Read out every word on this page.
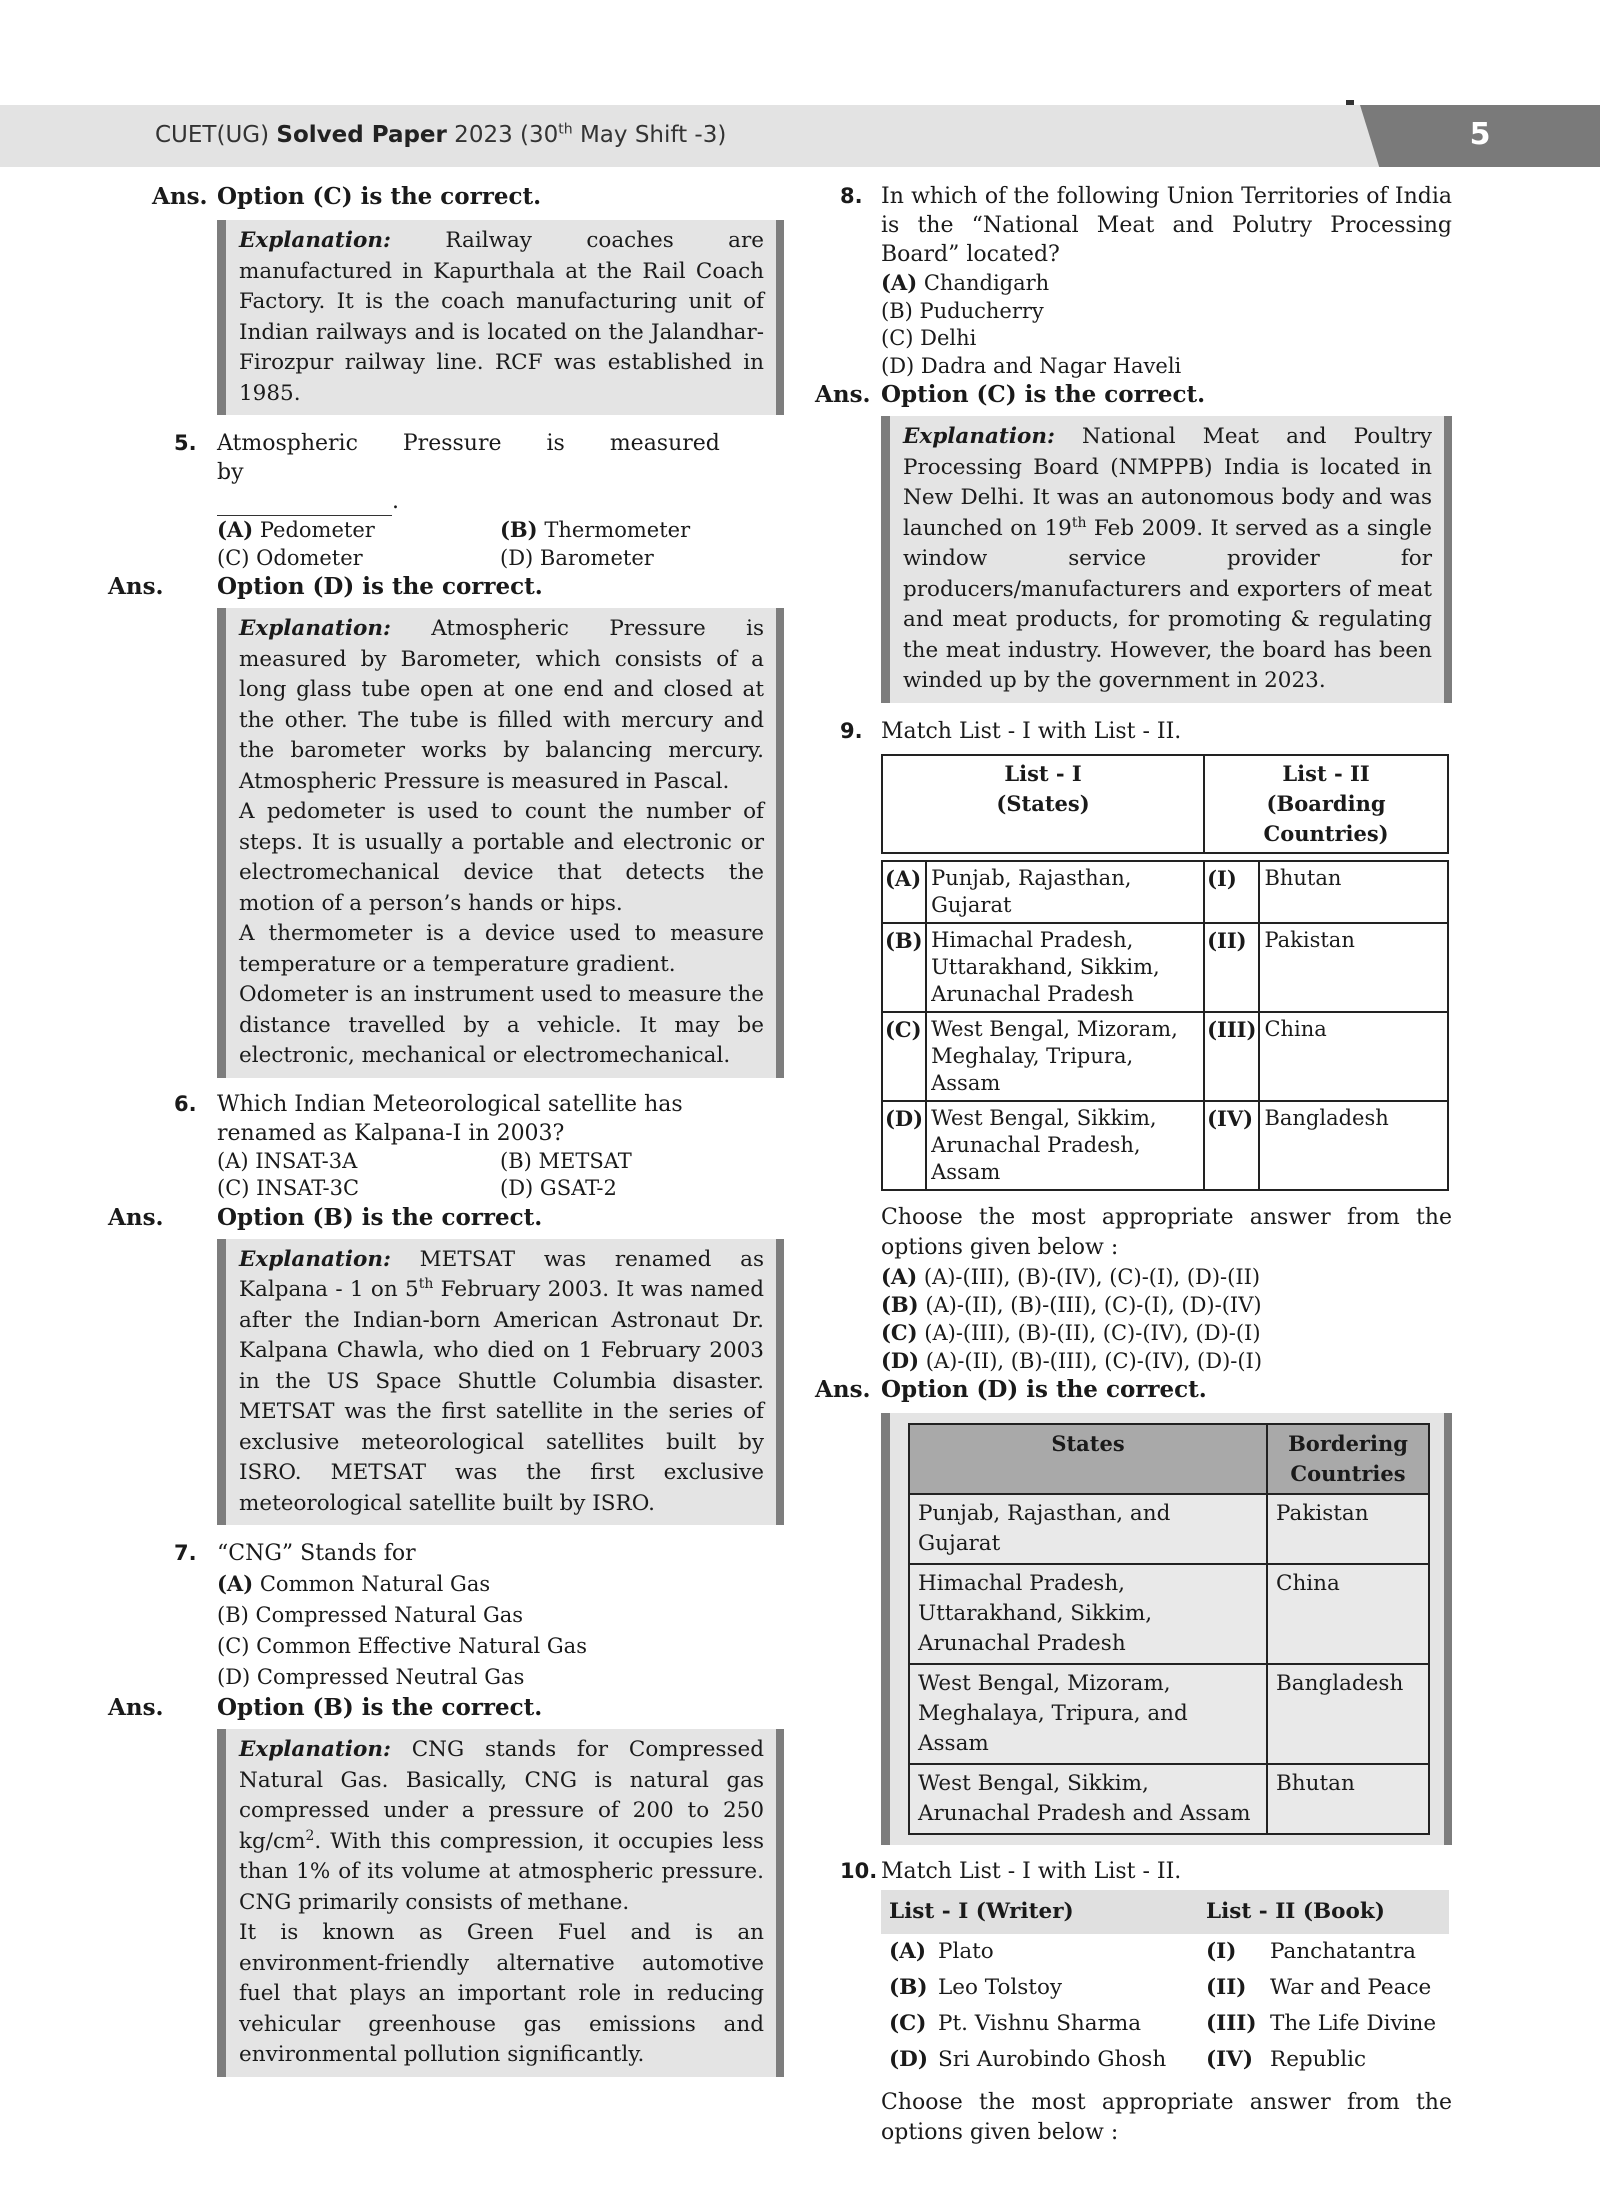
CUET(UG) Solved Paper 2023 (30th May Shift -3)	5

Ans. Option (C) is the correct.

Explanation: Railway coaches are manufactured in Kapurthala at the Rail Coach Factory. It is the coach manufacturing unit of Indian railways and is located on the Jalandhar-Firozpur railway line. RCF was established in 1985.
5. Atmospheric Pressure is measured by
.
(A) Pedometer	(B) Thermometer
(C) Odometer	(D) Barometer

Ans. Option (D) is the correct.

Explanation: Atmospheric Pressure is measured by Barometer, which consists of a long glass tube open at one end and closed at the other. The tube is filled with mercury and the barometer works by balancing mercury. Atmospheric Pressure is measured in Pascal.
A pedometer is used to count the number of steps. It is usually a portable and electronic or electromechanical device that detects the motion of a person’s hands or hips.
A thermometer is a device used to measure temperature or a temperature gradient.
Odometer is an instrument used to measure the distance travelled by a vehicle. It may be electronic, mechanical or electromechanical.
6. Which Indian Meteorological satellite has renamed as Kalpana-I in 2003?
(A) INSAT-3A	(B) METSAT
(C) INSAT-3C	(D) GSAT-2

Ans. Option (B) is the correct.

Explanation: METSAT was renamed as Kalpana - 1 on 5th February 2003. It was named after the Indian-born American Astronaut Dr. Kalpana Chawla, who died on 1 February 2003 in the US Space Shuttle Columbia disaster. METSAT was the first satellite in the series of exclusive meteorological satellites built by ISRO. METSAT was the first exclusive meteorological satellite built by ISRO.
7. “CNG” Stands for
(A) Common Natural Gas
(B) Compressed Natural Gas
(C) Common Effective Natural Gas
(D) Compressed Neutral Gas

Ans. Option (B) is the correct.

Explanation: CNG stands for Compressed Natural Gas. Basically, CNG is natural gas compressed under a pressure of 200 to 250 $kg/cm^2$. With this compression, it occupies less than 1% of its volume at atmospheric pressure. CNG primarily consists of methane.
It is known as Green Fuel and is an environment-friendly alternative automotive fuel that plays an important role in reducing vehicular greenhouse gas emissions and environmental pollution significantly.
8. In which of the following Union Territories of India is the “National Meat and Polutry Processing Board” located?
(A) Chandigarh
(B) Puducherry
(C) Delhi
(D) Dadra and Nagar Haveli

Ans. Option (C) is the correct.

Explanation: National Meat and Poultry Processing Board (NMPPB) India is located in New Delhi. It was an autonomous body and was launched on 19th Feb 2009. It served as a single window service provider for producers/manufacturers and exporters of meat and meat products, for promoting & regulating the meat industry. However, the board has been winded up by the government in 2023.
9. Match List - I with List - II.
List - I
(States)		List - II
(Boarding Countries)	

(A)	Punjab, Rajasthan, Gujarat	(I)	Bhutan
(B)	Himachal Pradesh, Uttarakhand, Sikkim, Arunachal Pradesh	(II)	Pakistan
(C)	West Bengal, Mizoram, Meghalay, Tripura, Assam	(III)	China
(D)	West Bengal, Sikkim, Arunachal Pradesh, Assam	(IV)	Bangladesh
Choose the most appropriate answer from the options given below :
(A) (A)-(III), (B)-(IV), (C)-(I), (D)-(II)
(B) (A)-(II), (B)-(III), (C)-(I), (D)-(IV)
(C) (A)-(III), (B)-(II), (C)-(IV), (D)-(I)
(D) (A)-(II), (B)-(III), (C)-(IV), (D)-(I)

Ans. Option (D) is the correct.

States	Bordering Countries
Punjab, Rajasthan, and Gujarat	Pakistan
Himachal Pradesh, Uttarakhand, Sikkim, Arunachal Pradesh	China
West Bengal, Mizoram, Meghalaya, Tripura, and Assam	Bangladesh
West Bengal, Sikkim, Arunachal Pradesh and Assam	Bhutan
10. Match List - I with List - II.
List - I (Writer)		List - II (Book)	
(A)	Plato	(I)	Panchatantra
(B)	Leo Tolstoy	(II)	War and Peace
(C)	Pt. Vishnu Sharma	(III)	The Life Divine
(D)	Sri Aurobindo Ghosh	(IV)	Republic
Choose the most appropriate answer from the options given below :
